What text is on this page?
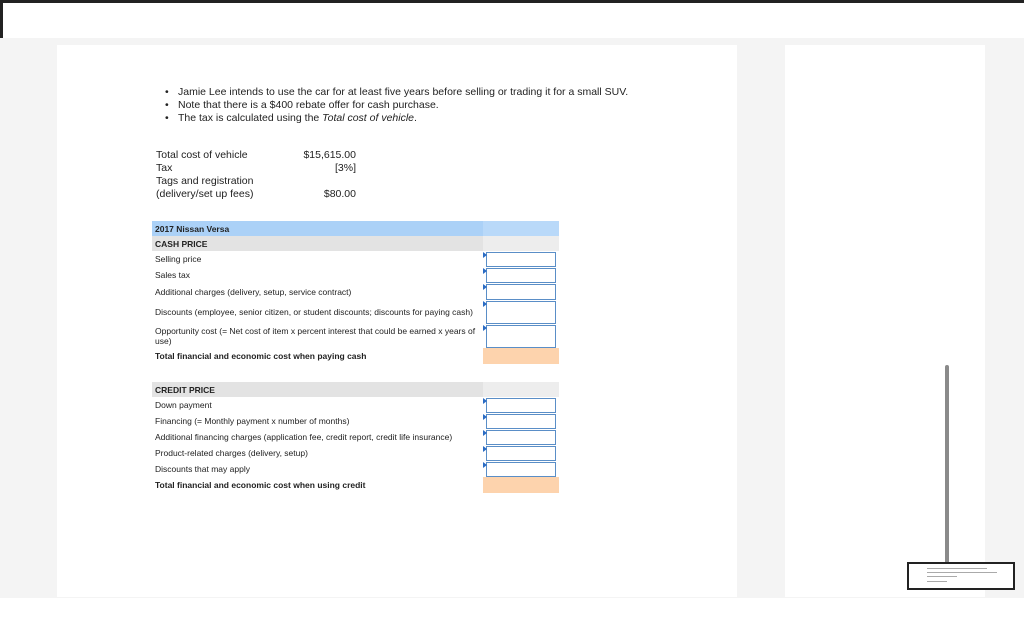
• Jamie Lee intends to use the car for at least five years before selling or trading it for a small SUV.
• Note that there is a $400 rebate offer for cash purchase.
• The tax is calculated using the Total cost of vehicle.
Total cost of vehicle	$15,615.00
Tax	[3%]
Tags and registration
(delivery/set up fees)	$80.00
2017 Nissan Versa	
CASH PRICE	
Selling price	

Sales tax	

Additional charges (delivery, setup, service contract)	

Discounts (employee, senior citizen, or student discounts; discounts for paying cash)	

Opportunity cost (= Net cost of item x percent interest that could be earned x years of use)	

Total financial and economic cost when paying cash	
CREDIT PRICE	
Down payment	

Financing (= Monthly payment x number of months)	

Additional financing charges (application fee, credit report, credit life insurance)	

Product-related charges (delivery, setup)	

Discounts that may apply	

Total financial and economic cost when using credit	
